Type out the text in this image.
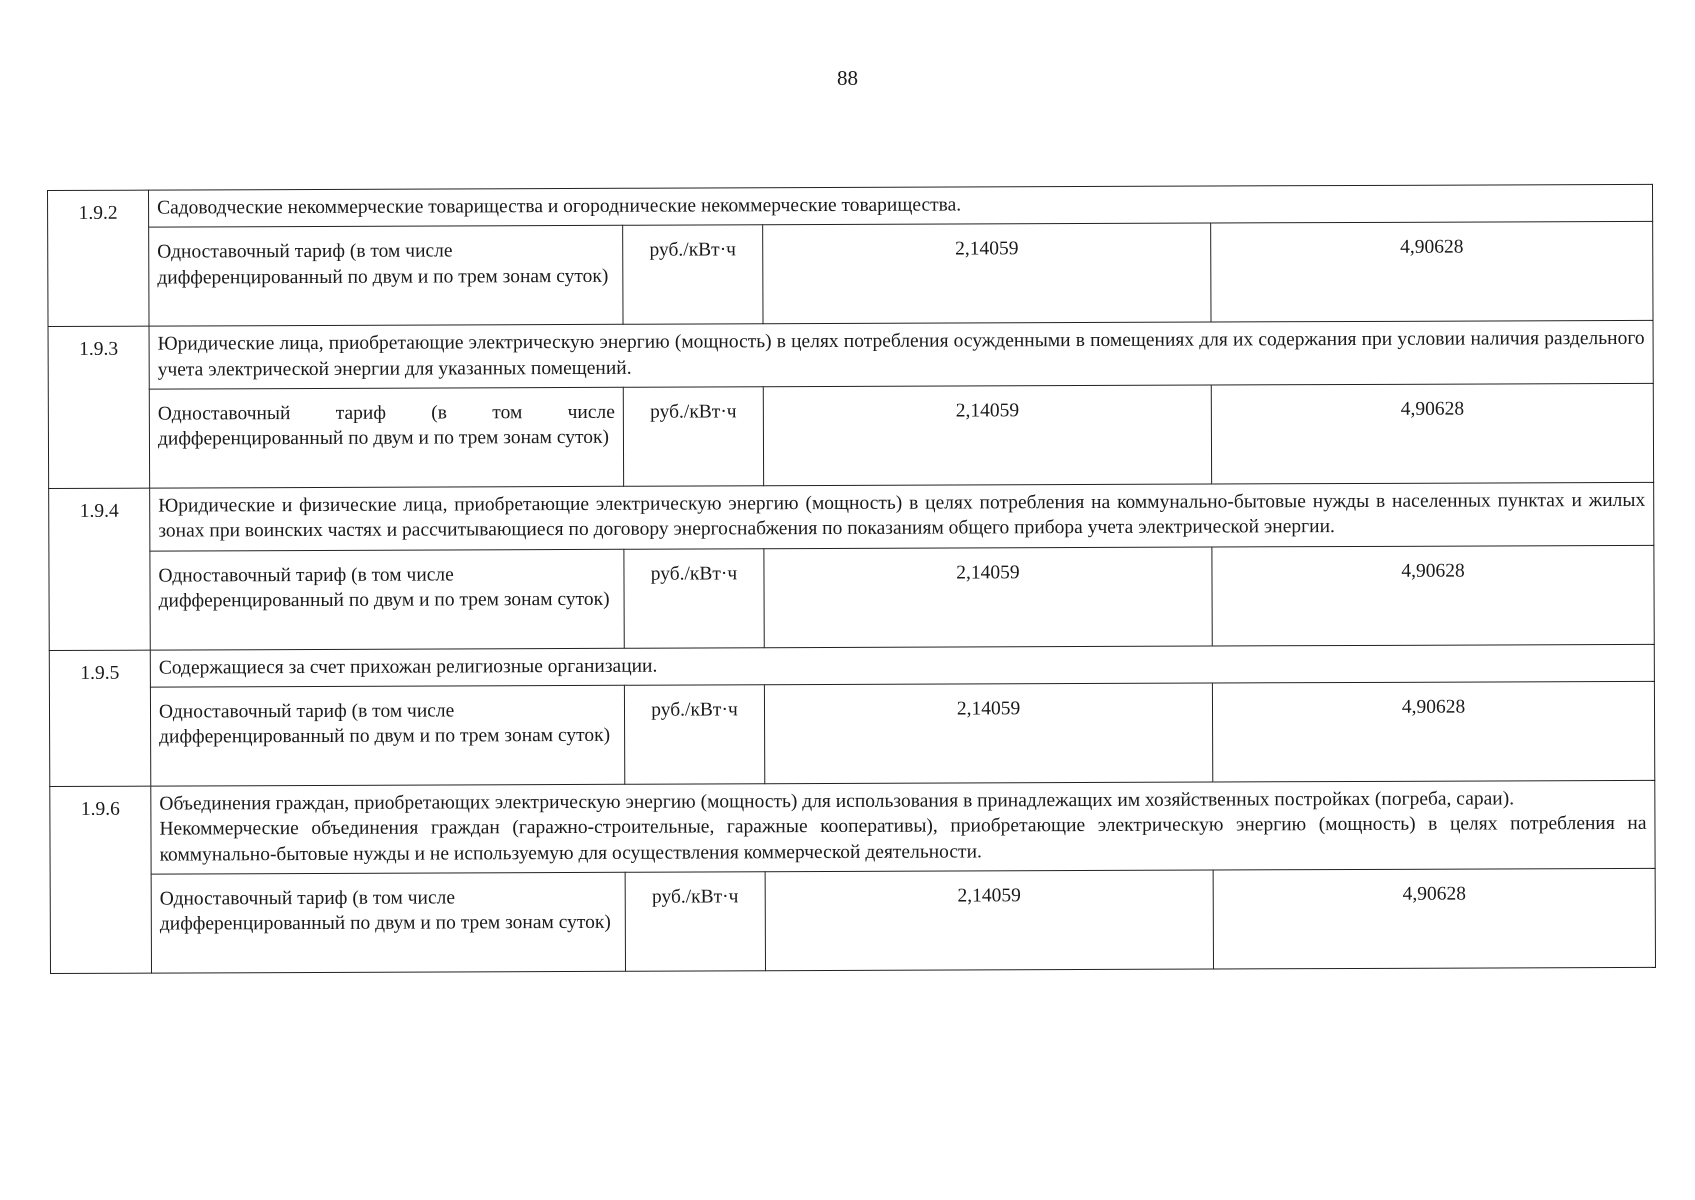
88
1.9.2	Садоводческие некоммерческие товарищества и огороднические некоммерческие товарищества.			

	Одноставочный тариф (в том числе дифференцированный по двум и по трем зонам суток)	руб./кВт·ч	2,14059	4,90628
1.9.3	Юридические лица, приобретающие электрическую энергию (мощность) в целях потребления осужденными в помещениях для их содержания при условии наличия раздельного учета электрической энергии для указанных помещений.			

	Одноставочный тариф (в том числе дифференцированный по двум и по трем зонам суток)	руб./кВт·ч	2,14059	4,90628
1.9.4	Юридические и физические лица, приобретающие электрическую энергию (мощность) в целях потребления на коммунально-бытовые нужды в населенных пунктах и жилых зонах при воинских частях и рассчитывающиеся по договору энергоснабжения по показаниям общего прибора учета электрической энергии.			

	Одноставочный тариф (в том числе дифференцированный по двум и по трем зонам суток)	руб./кВт·ч	2,14059	4,90628
1.9.5	Содержащиеся за счет прихожан религиозные организации.			

	Одноставочный тариф (в том числе дифференцированный по двум и по трем зонам суток)	руб./кВт·ч	2,14059	4,90628
1.9.6	Объединения граждан, приобретающих электрическую энергию (мощность) для использования в принадлежащих им хозяйственных постройках (погреба, сараи).

Некоммерческие объединения граждан (гаражно-строительные, гаражные кооперативы), приобретающие электрическую энергию (мощность) в целях потребления на коммунально-бытовые нужды и не используемую для осуществления коммерческой деятельности.			

	Одноставочный тариф (в том числе дифференцированный по двум и по трем зонам суток)	руб./кВт·ч	2,14059	4,90628
